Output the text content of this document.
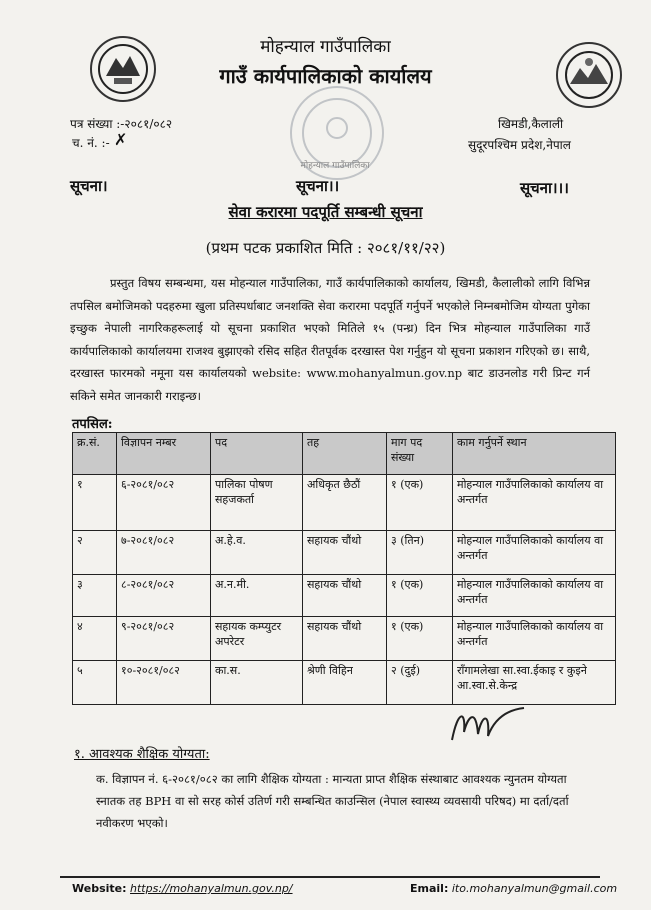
मोहन्याल गाउँपालिका
मोहन्याल गाउँपालिका
गाउँ कार्यपालिकाको कार्यालय
पत्र संख्या :-२०८१/०८२
च. नं. :- ✗
खिमडी,कैलाली
सुदूरपश्चिम प्रदेश,नेपाल
सूचना।	सूचना।।	सूचना।।।
सेवा करारमा पदपूर्ति सम्बन्धी सूचना
(प्रथम पटक प्रकाशित मिति : २०८१/११/२२)
प्रस्तुत विषय सम्बन्धमा, यस मोहन्याल गाउँपालिका, गाउँ कार्यपालिकाको कार्यालय, खिमडी, कैलालीको लागि विभिन्न तपसिल बमोजिमको पदहरुमा खुला प्रतिस्पर्धाबाट जनशक्ति सेवा करारमा पदपूर्ति गर्नुपर्ने भएकोले निम्नबमोजिम योग्यता पुगेका इच्छुक नेपाली नागरिकहरूलाई यो सूचना प्रकाशित भएको मितिले १५ (पन्ध्र) दिन भित्र मोहन्याल गाउँपालिका गाउँ कार्यपालिकाको कार्यालयमा राजश्व बुझाएको रसिद सहित रीतपूर्वक दरखास्त पेश गर्नुहुन यो सूचना प्रकाशन गरिएको छ। साथै, दरखास्त फारमको नमूना यस कार्यालयको website: www.mohanyalmun.gov.np बाट डाउनलोड गरी प्रिन्ट गर्न सकिने समेत जानकारी गराइन्छ।
तपसिल:
क्र.सं.	विज्ञापन नम्बर	पद	तह	माग पद संख्या	काम गर्नुपर्ने स्थान
१	६-२०८१/०८२	पालिका पोषण सहजकर्ता	अधिकृत छैठौं	१ (एक)	मोहन्याल गाउँपालिकाको कार्यालय वा अन्तर्गत
२	७-२०८१/०८२	अ.हे.व.	सहायक चौंथो	३ (तिन)	मोहन्याल गाउँपालिकाको कार्यालय वा अन्तर्गत
३	८-२०८१/०८२	अ.न.मी.	सहायक चौंथो	१ (एक)	मोहन्याल गाउँपालिकाको कार्यालय वा अन्तर्गत
४	९-२०८१/०८२	सहायक कम्प्युटर अपरेटर	सहायक चौंथो	१ (एक)	मोहन्याल गाउँपालिकाको कार्यालय वा अन्तर्गत
५	१०-२०८१/०८२	का.स.	श्रेणी विहिन	२ (दुई)	राँगामलेखा सा.स्वा.ईकाइ र कुइने आ.स्वा.से.केन्द्र
१. आवश्यक शैक्षिक योग्यता:
क. विज्ञापन नं. ६-२०८१/०८२ का लागि शैक्षिक योग्यता : मान्यता प्राप्त शैक्षिक संस्थाबाट आवश्यक न्युनतम योग्यता स्नातक तह BPH वा सो सरह कोर्स उतिर्ण गरी सम्बन्धित काउन्सिल (नेपाल स्वास्थ्य व्यवसायी परिषद) मा दर्ता/दर्ता नवीकरण भएको।
Website: https://mohanyalmun.gov.np/	Email: ito.mohanyalmun@gmail.com
